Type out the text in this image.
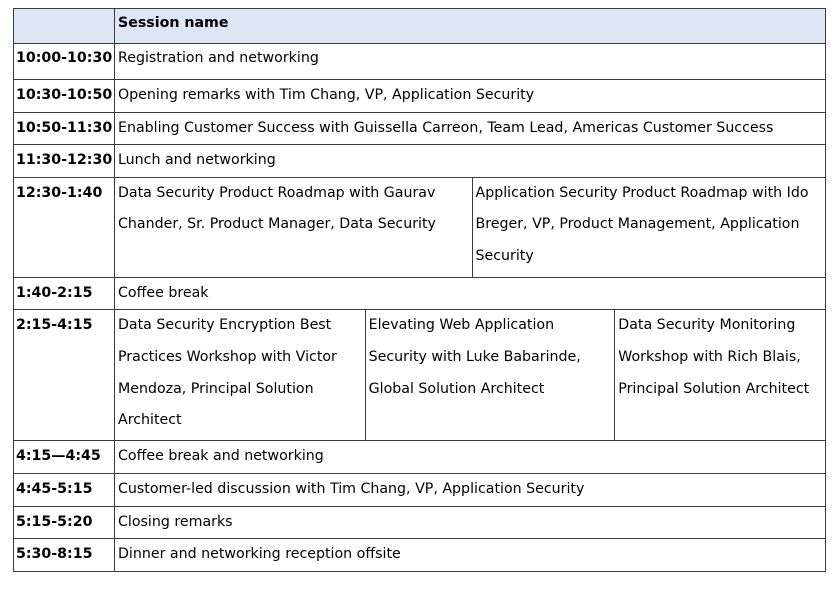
	Session name
10:00-10:30	Registration and networking
10:30-10:50	Opening remarks with Tim Chang, VP, Application Security
10:50-11:30	Enabling Customer Success with Guissella Carreon, Team Lead, Americas Customer Success
11:30-12:30	Lunch and networking
12:30-1:40	Data Security Product Roadmap with Gaurav Chander, Sr. Product Manager, Data Security
Application Security Product Roadmap with Ido Breger, VP, Product Management, Application Security

1:40-2:15	Coffee break
2:15-4:15	Data Security Encryption Best Practices Workshop with Victor Mendoza, Principal Solution Architect
Elevating Web Application Security with Luke Babarinde, Global Solution Architect
Data Security Monitoring Workshop with Rich Blais, Principal Solution Architect

4:15—4:45	Coffee break and networking
4:45-5:15	Customer-led discussion with Tim Chang, VP, Application Security
5:15-5:20	Closing remarks
5:30-8:15	Dinner and networking reception offsite
